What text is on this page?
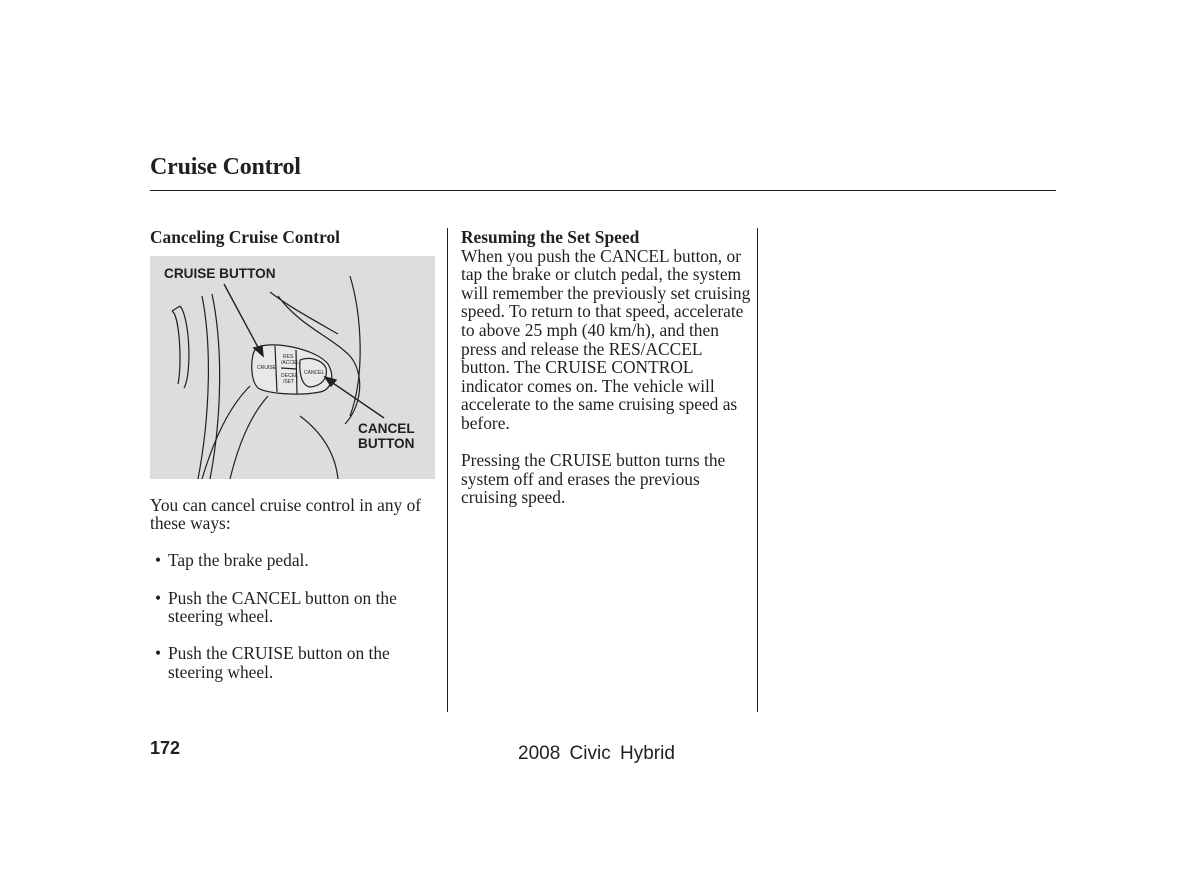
Cruise Control
Canceling Cruise Control
CRUISE
RES
/ACCEL
DECEL
/SET
CANCEL
CRUISE BUTTON
CANCEL
BUTTON

You can cancel cruise control in any of these ways:

• Tap the brake pedal.
• Push the CANCEL button on the steering wheel.
• Push the CRUISE button on the steering wheel.
Resuming the Set Speed

When you push the CANCEL button, or tap the brake or clutch pedal, the system will remember the previously set cruising speed. To return to that speed, accelerate to above 25 mph (40 km/h), and then press and release the RES/ACCEL button. The CRUISE CONTROL indicator comes on. The vehicle will accelerate to the same cruising speed as before.

Pressing the CRUISE button turns the system off and erases the previous cruising speed.

172	2008 Civic Hybrid
